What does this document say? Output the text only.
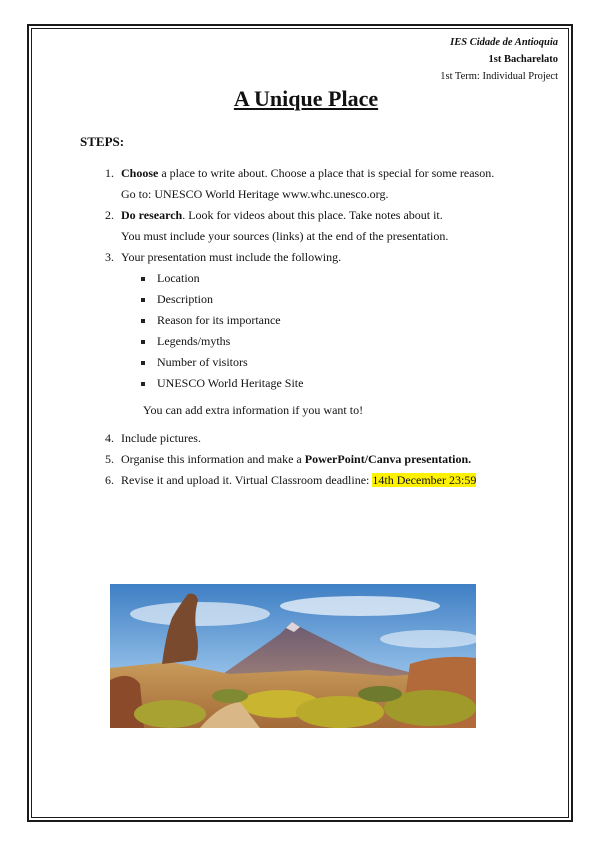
IES Cidade de Antioquia
1st Bacharelato
1st Term: Individual Project
A Unique Place
STEPS:
1. Choose a place to write about. Choose a place that is special for some reason.
Go to: UNESCO World Heritage www.whc.unesco.org.
2. Do research. Look for videos about this place. Take notes about it.
You must include your sources (links) at the end of the presentation.
3. Your presentation must include the following.
Location
Description
Reason for its importance
Legends/myths
Number of visitors
UNESCO World Heritage Site
You can add extra information if you want to!
4. Include pictures.
5. Organise this information and make a PowerPoint/Canva presentation.
6. Revise it and upload it. Virtual Classroom deadline: 14th December 23:59
